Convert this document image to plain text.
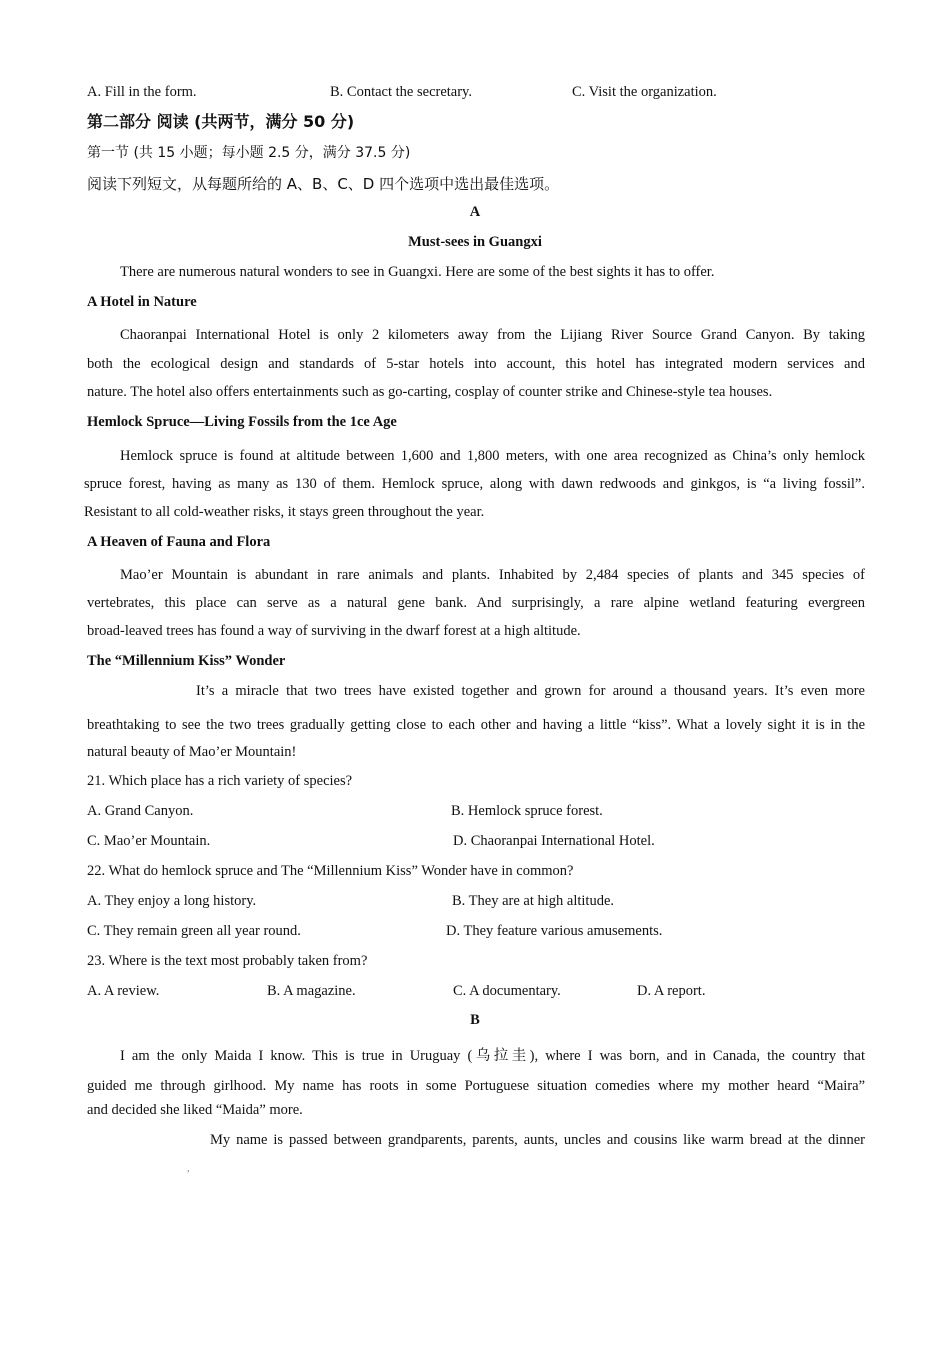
A. Fill in the form.	B. Contact the secretary.	C. Visit the organization.
第二部分 阅读 (共两节，满分 50 分)
第一节 (共 15 小题；每小题 2.5 分，满分 37.5 分)
阅读下列短文，从每题所给的 A、B、C、D 四个选项中选出最佳选项。
A
Must-sees in Guangxi
There are numerous natural wonders to see in Guangxi. Here are some of the best sights it has to offer.
A Hotel in Nature
Chaoranpai International Hotel is only 2 kilometers away from the Lijiang River Source Grand Canyon. By taking
both the ecological design and standards of 5-star hotels into account, this hotel has integrated modern services and
nature. The hotel also offers entertainments such as go-carting, cosplay of counter strike and Chinese-style tea houses.
Hemlock Spruce—Living Fossils from the 1ce Age
Hemlock spruce is found at altitude between 1,600 and 1,800 meters, with one area recognized as China’s only hemlock
spruce forest, having as many as 130 of them. Hemlock spruce, along with dawn redwoods and ginkgos, is “a living fossil”.
Resistant to all cold-weather risks, it stays green throughout the year.
A Heaven of Fauna and Flora
Mao’er Mountain is abundant in rare animals and plants. Inhabited by 2,484 species of plants and 345 species of
vertebrates, this place can serve as a natural gene bank. And surprisingly, a rare alpine wetland featuring evergreen
broad-leaved trees has found a way of surviving in the dwarf forest at a high altitude.
The “Millennium Kiss” Wonder
It’s a miracle that two trees have existed together and grown for around a thousand years. It’s even more
breathtaking to see the two trees gradually getting close to each other and having a little “kiss”. What a lovely sight it is in the
natural beauty of Mao’er Mountain!
21. Which place has a rich variety of species?
A. Grand Canyon.	B. Hemlock spruce forest.
C. Mao’er Mountain.	D. Chaoranpai International Hotel.
22. What do hemlock spruce and The “Millennium Kiss” Wonder have in common?
A. They enjoy a long history.	B. They are at high altitude.
C. They remain green all year round.	D. They feature various amusements.
23. Where is the text most probably taken from?
A. A review.	B. A magazine.	C. A documentary.	D. A report.
B
I am the only Maida I know. This is true in Uruguay (乌拉圭), where I was born, and in Canada, the country that
guided me through girlhood. My name has roots in some Portuguese situation comedies where my mother heard “Maira”
and decided she liked “Maida” more.
My name is passed between grandparents, parents, aunts, uncles and cousins like warm bread at the dinner
,
